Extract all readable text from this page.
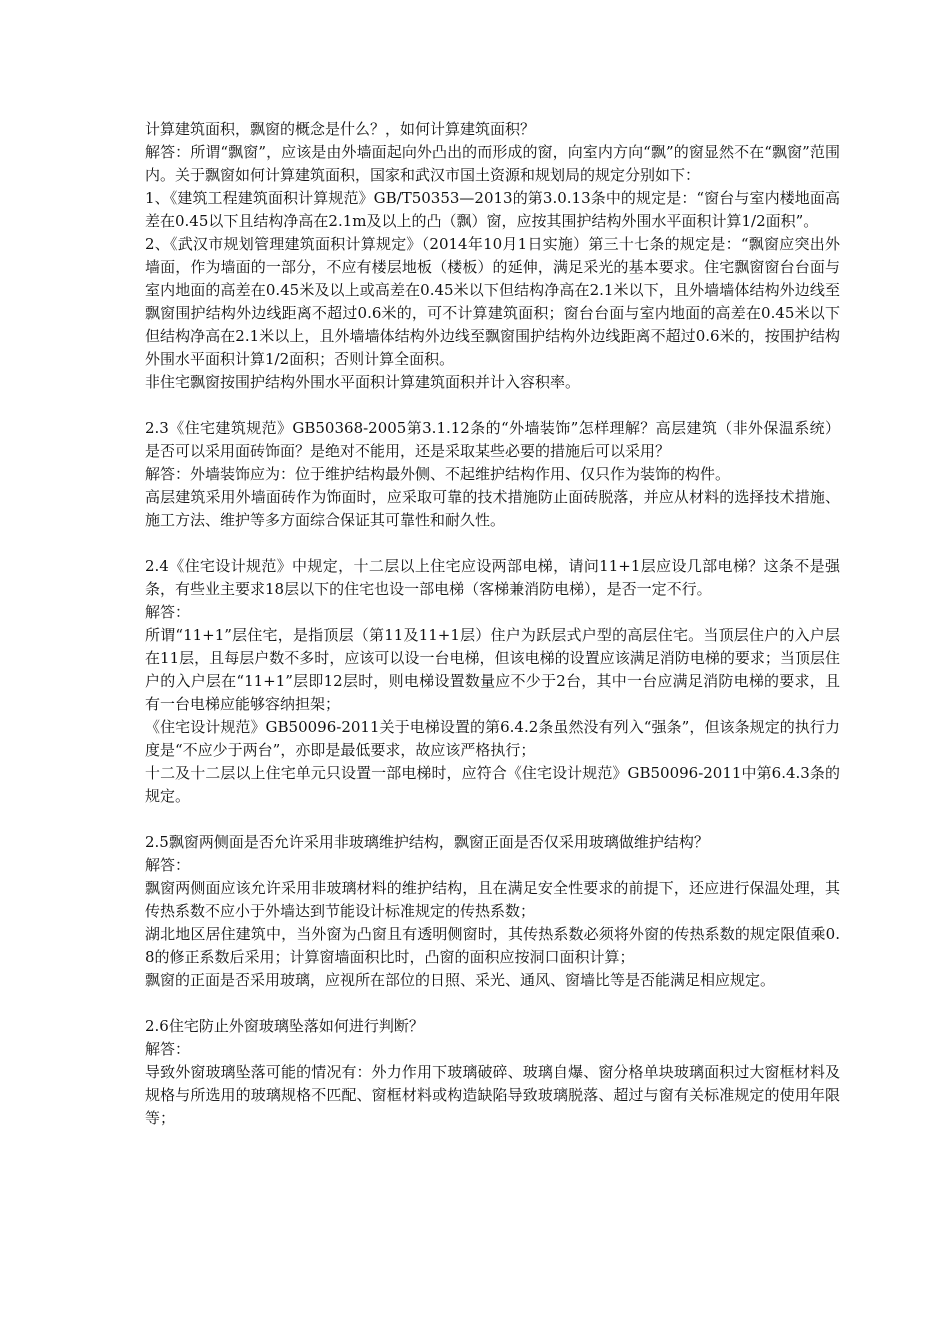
计算建筑面积，飘窗的概念是什么？，如何计算建筑面积？

解答：所谓“飘窗”，应该是由外墙面起向外凸出的而形成的窗，向室内方向“飘”的窗显然不在“飘窗”范围内。关于飘窗如何计算建筑面积，国家和武汉市国土资源和规划局的规定分别如下：

1、《建筑工程建筑面积计算规范》GB/T50353—2013的第3.0.13条中的规定是：“窗台与室内楼地面高差在0.45以下且结构净高在2.1m及以上的凸（飘）窗，应按其围护结构外围水平面积计算1/2面积”。

2、《武汉市规划管理建筑面积计算规定》（2014年10月1日实施）第三十七条的规定是：“飘窗应突出外墙面，作为墙面的一部分，不应有楼层地板（楼板）的延伸，满足采光的基本要求。住宅飘窗窗台台面与室内地面的高差在0.45米及以上或高差在0.45米以下但结构净高在2.1米以下，且外墙墙体结构外边线至飘窗围护结构外边线距离不超过0.6米的，可不计算建筑面积；窗台台面与室内地面的高差在0.45米以下但结构净高在2.1米以上，且外墙墙体结构外边线至飘窗围护结构外边线距离不超过0.6米的，按围护结构外围水平面积计算1/2面积；否则计算全面积。

非住宅飘窗按围护结构外围水平面积计算建筑面积并计入容积率。

2.3《住宅建筑规范》GB50368-2005第3.1.12条的“外墙装饰”怎样理解？高层建筑（非外保温系统）是否可以采用面砖饰面？是绝对不能用，还是采取某些必要的措施后可以采用？

解答：外墙装饰应为：位于维护结构最外侧、不起维护结构作用、仅只作为装饰的构件。

高层建筑采用外墙面砖作为饰面时，应采取可靠的技术措施防止面砖脱落，并应从材料的选择技术措施、施工方法、维护等多方面综合保证其可靠性和耐久性。

2.4《住宅设计规范》中规定，十二层以上住宅应设两部电梯，请问11+1层应设几部电梯？这条不是强条，有些业主要求18层以下的住宅也设一部电梯（客梯兼消防电梯），是否一定不行。

解答：

所谓“11+1”层住宅，是指顶层（第11及11+1层）住户为跃层式户型的高层住宅。当顶层住户的入户层在11层，且每层户数不多时，应该可以设一台电梯，但该电梯的设置应该满足消防电梯的要求；当顶层住户的入户层在“11+1”层即12层时，则电梯设置数量应不少于2台，其中一台应满足消防电梯的要求，且有一台电梯应能够容纳担架；

《住宅设计规范》GB50096-2011关于电梯设置的第6.4.2条虽然没有列入“强条”，但该条规定的执行力度是“不应少于两台”，亦即是最低要求，故应该严格执行；

十二及十二层以上住宅单元只设置一部电梯时，应符合《住宅设计规范》GB50096-2011中第6.4.3条的规定。

2.5飘窗两侧面是否允许采用非玻璃维护结构，飘窗正面是否仅采用玻璃做维护结构？

解答：

飘窗两侧面应该允许采用非玻璃材料的维护结构，且在满足安全性要求的前提下，还应进行保温处理，其传热系数不应小于外墙达到节能设计标准规定的传热系数；

湖北地区居住建筑中，当外窗为凸窗且有透明侧窗时，其传热系数必须将外窗的传热系数的规定限值乘0.8的修正系数后采用；计算窗墙面积比时，凸窗的面积应按洞口面积计算；

飘窗的正面是否采用玻璃，应视所在部位的日照、采光、通风、窗墙比等是否能满足相应规定。

2.6住宅防止外窗玻璃坠落如何进行判断？

解答：

导致外窗玻璃坠落可能的情况有：外力作用下玻璃破碎、玻璃自爆、窗分格单块玻璃面积过大窗框材料及规格与所选用的玻璃规格不匹配、窗框材料或构造缺陷导致玻璃脱落、超过与窗有关标准规定的使用年限等；
